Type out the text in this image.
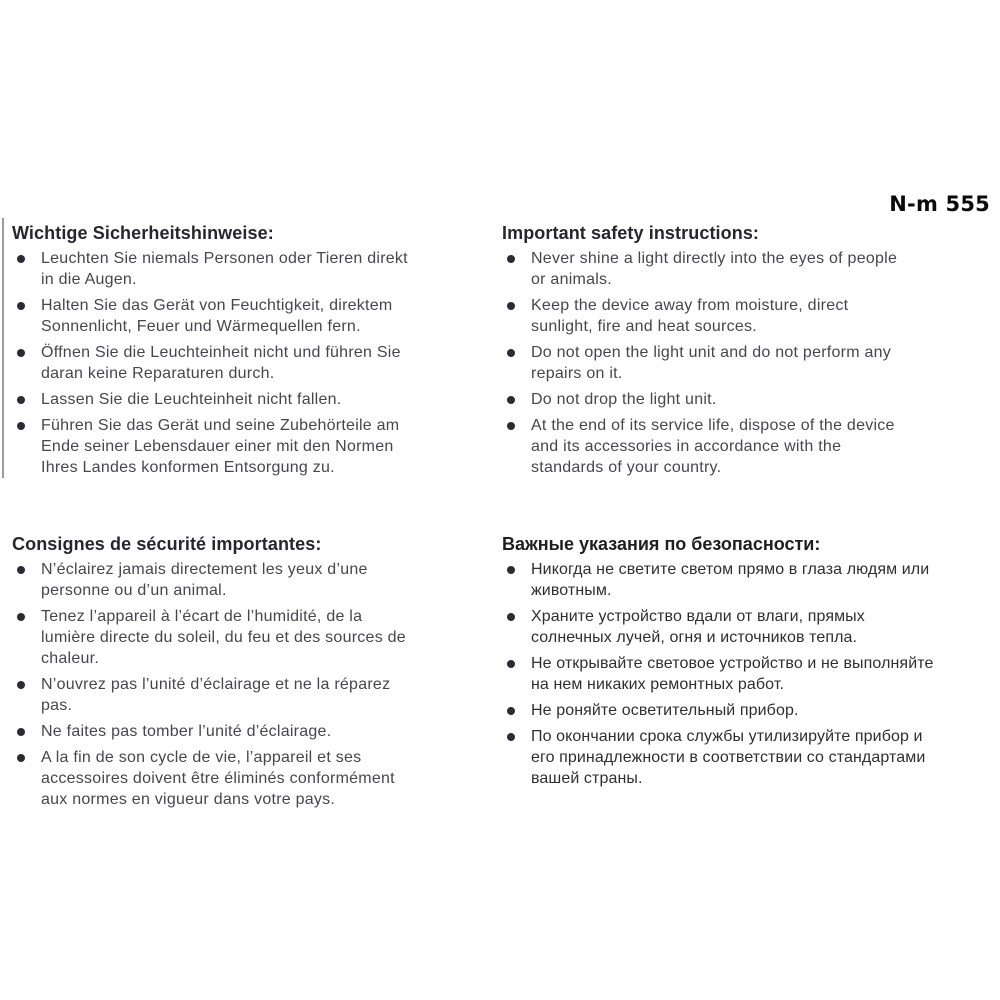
N-m 555
Wichtige Sicherheitshinweise:
Leuchten Sie niemals Personen oder Tieren direkt
in die Augen.
Halten Sie das Gerät von Feuchtigkeit, direktem
Sonnenlicht, Feuer und Wärmequellen fern.
Öffnen Sie die Leuchteinheit nicht und führen Sie
daran keine Reparaturen durch.
Lassen Sie die Leuchteinheit nicht fallen.
Führen Sie das Gerät und seine Zubehörteile am
Ende seiner Lebensdauer einer mit den Normen
Ihres Landes konformen Entsorgung zu.
Important safety instructions:
Never shine a light directly into the eyes of people
or animals.
Keep the device away from moisture, direct
sunlight, fire and heat sources.
Do not open the light unit and do not perform any
repairs on it.
Do not drop the light unit.
At the end of its service life, dispose of the device
and its accessories in accordance with the
standards of your country.
Consignes de sécurité importantes:
N’éclairez jamais directement les yeux d’une
personne ou d’un animal.
Tenez l’appareil à l’écart de l’humidité, de la
lumière directe du soleil, du feu et des sources de
chaleur.
N’ouvrez pas l’unité d’éclairage et ne la réparez
pas.
Ne faites pas tomber l’unité d’éclairage.
A la fin de son cycle de vie, l’appareil et ses
accessoires doivent être éliminés conformément
aux normes en vigueur dans votre pays.
Важные указания по безопасности:
Никогда не светите светом прямо в глаза людям или
животным.
Храните устройство вдали от влаги, прямых
солнечных лучей, огня и источников тепла.
Не открывайте световое устройство и не выполняйте
на нем никаких ремонтных работ.
Не роняйте осветительный прибор.
По окончании срока службы утилизируйте прибор и
его принадлежности в соответствии со стандартами
вашей страны.
